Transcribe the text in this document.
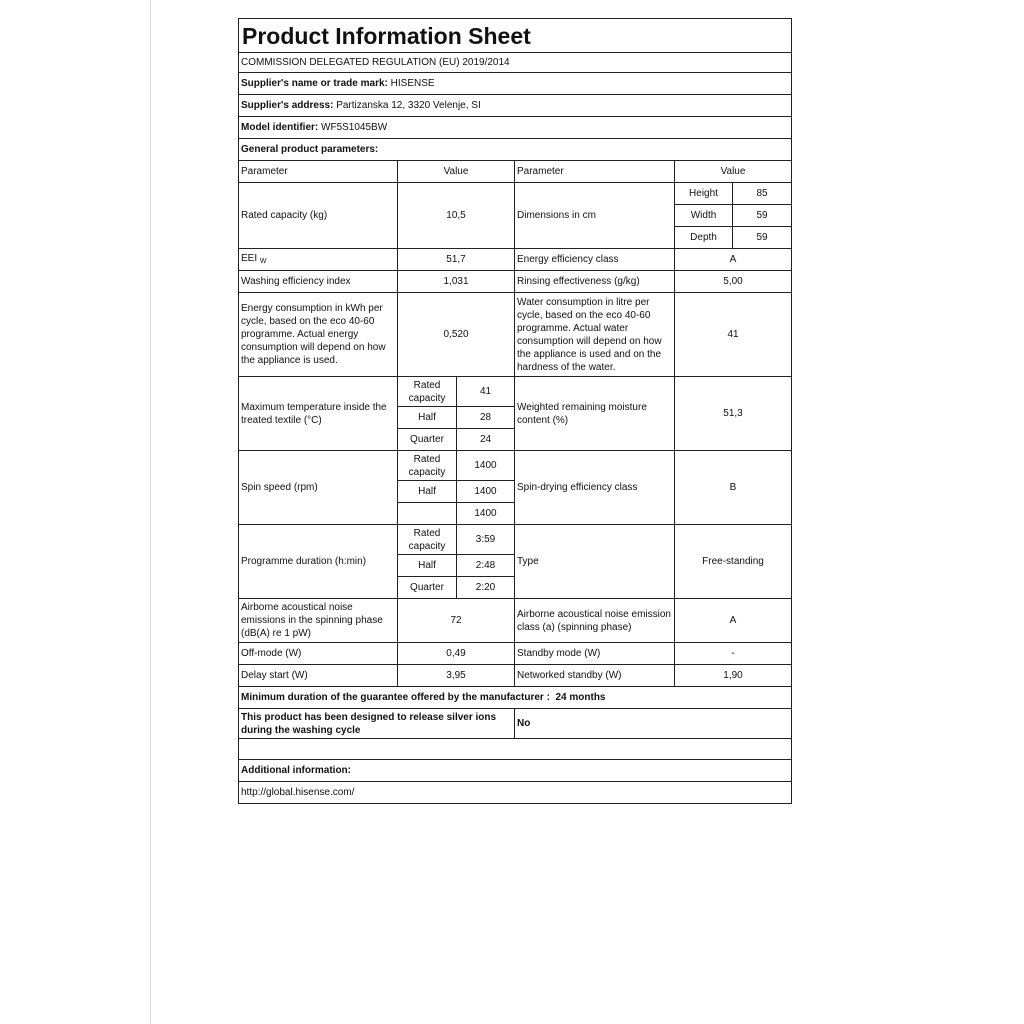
Product Information Sheet					
COMMISSION DELEGATED REGULATION (EU) 2019/2014					
Supplier's name or trade mark: HISENSE					
Supplier's address: Partizanska 12, 3320 Velenje, SI					
Model identifier: WF5S1045BW					
General product parameters:					
Parameter	Value		Parameter	Value	
Rated capacity (kg)	10,5		Dimensions in cm	Height	85
				Width	59
				Depth	59
EEI $_W$	51,7		Energy efficiency class	A	
Washing efficiency index	1,031		Rinsing effectiveness (g/kg)	5,00	
Energy consumption in kWh per cycle, based on the eco 40-60 programme. Actual energy consumption will depend on how the appliance is used.	0,520		Water consumption in litre per cycle, based on the eco 40-60 programme. Actual water consumption will depend on how the appliance is used and on the hardness of the water.	41	
Maximum temperature inside the treated textile (°C)	Rated capacity	41	Weighted remaining moisture content (%)	51,3	
	Half	28			
	Quarter	24			
Spin speed (rpm)	Rated capacity	1400	Spin-drying efficiency class	B	
	Half	1400			
		1400			
Programme duration (h:min)	Rated capacity	3:59	Type	Free-standing	
	Half	2:48			
	Quarter	2:20			
Airborne acoustical noise emissions in the spinning phase (dB(A) re 1 pW)	72		Airborne acoustical noise emission class (a) (spinning phase)	A	
Off-mode (W)	0,49		Standby mode (W)	-	
Delay start (W)	3,95		Networked standby (W)	1,90	
Minimum duration of the guarantee offered by the manufacturer : 24 months					
This product has been designed to release silver ions during the washing cycle			No		

Additional information:					
http://global.hisense.com/					
